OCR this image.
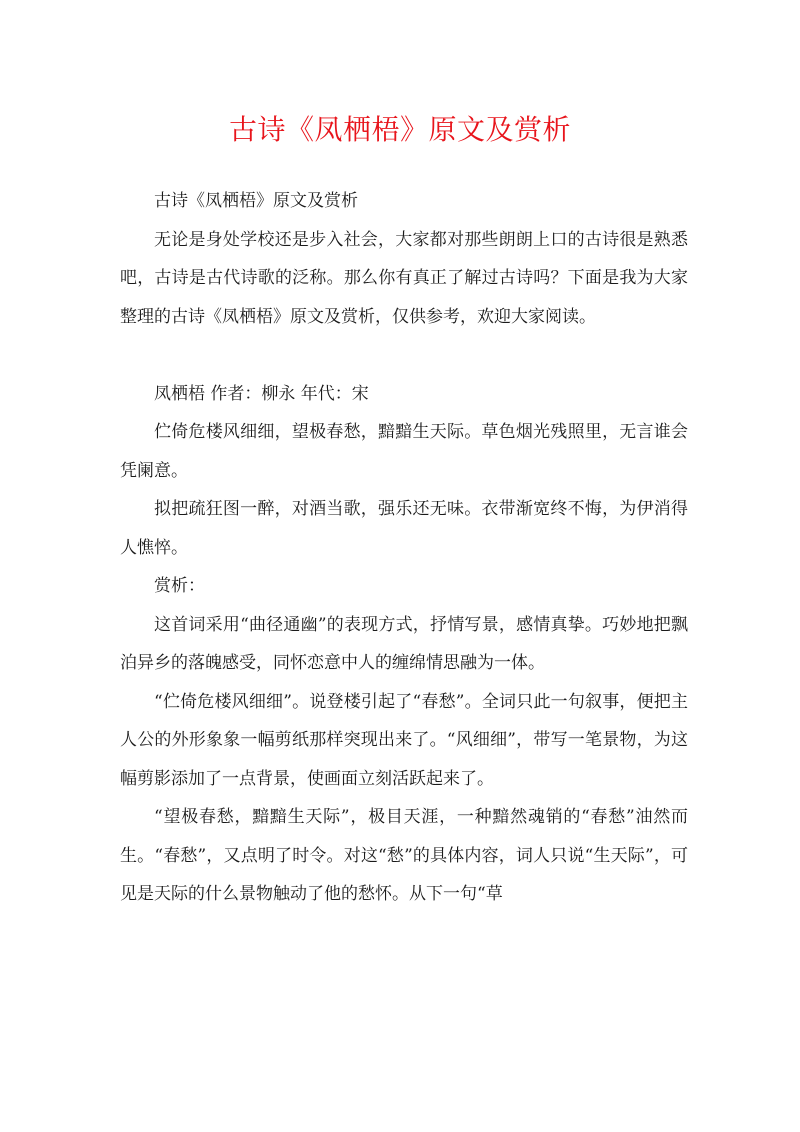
古诗《凤栖梧》原文及赏析

古诗《凤栖梧》原文及赏析

无论是身处学校还是步入社会，大家都对那些朗朗上口的古诗很是熟悉吧，古诗是古代诗歌的泛称。那么你有真正了解过古诗吗？下面是我为大家整理的古诗《凤栖梧》原文及赏析，仅供参考，欢迎大家阅读。

凤栖梧 作者：柳永 年代：宋

伫倚危楼风细细，望极春愁，黯黯生天际。草色烟光残照里，无言谁会凭阑意。

拟把疏狂图一醉，对酒当歌，强乐还无味。衣带渐宽终不悔，为伊消得人憔悴。

赏析：

这首词采用“曲径通幽”的表现方式，抒情写景，感情真挚。巧妙地把飘泊异乡的落魄感受，同怀恋意中人的缠绵情思融为一体。

“伫倚危楼风细细”。说登楼引起了“春愁”。全词只此一句叙事，便把主人公的外形象象一幅剪纸那样突现出来了。“风细细”，带写一笔景物，为这幅剪影添加了一点背景，使画面立刻活跃起来了。

“望极春愁，黯黯生天际”，极目天涯，一种黯然魂销的“春愁”油然而生。“春愁”，又点明了时令。对这“愁”的具体内容，词人只说“生天际”，可见是天际的什么景物触动了他的愁怀。从下一句“草
